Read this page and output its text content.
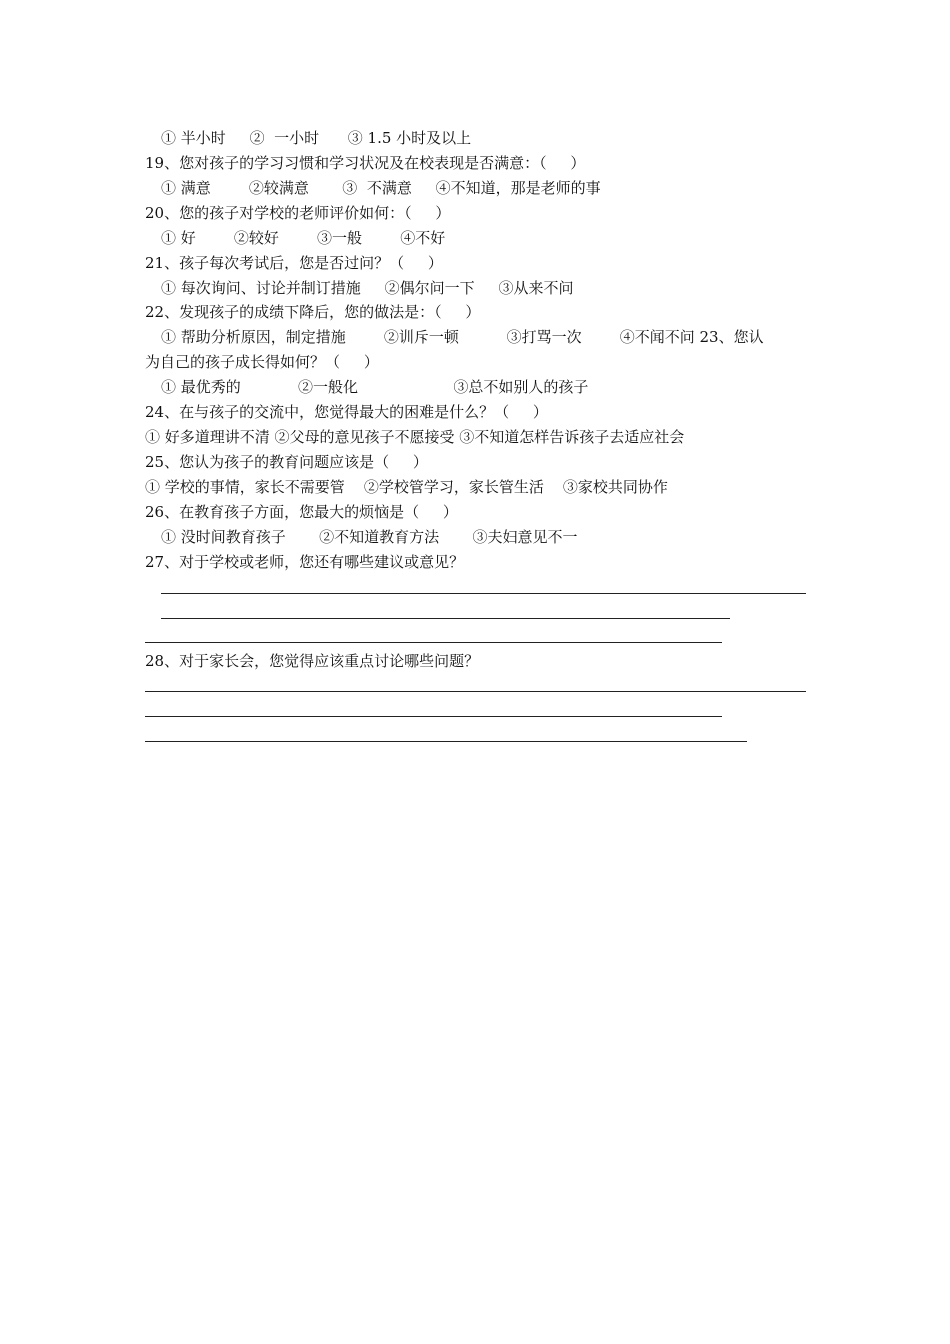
① 半小时     ②  一小时      ③ 1.5 小时及以上
19、您对孩子的学习习惯和学习状况及在校表现是否满意：（     ）
① 满意        ②较满意       ③  不满意     ④不知道，那是老师的事
20、您的孩子对学校的老师评价如何：（     ）
① 好        ②较好        ③一般        ④不好
21、孩子每次考试后，您是否过问？（     ）
① 每次询问、讨论并制订措施     ②偶尔问一下     ③从来不问
22、发现孩子的成绩下降后，您的做法是：（     ）
① 帮助分析原因，制定措施        ②训斥一顿          ③打骂一次        ④不闻不问 23、您认
为自己的孩子成长得如何？（     ）
① 最优秀的            ②一般化                    ③总不如别人的孩子
24、在与孩子的交流中，您觉得最大的困难是什么？（     ）
① 好多道理讲不清 ②父母的意见孩子不愿接受 ③不知道怎样告诉孩子去适应社会
25、您认为孩子的教育问题应该是（     ）
① 学校的事情，家长不需要管    ②学校管学习，家长管生活    ③家校共同协作
26、在教育孩子方面，您最大的烦恼是（     ）
① 没时间教育孩子       ②不知道教育方法       ③夫妇意见不一
27、对于学校或老师，您还有哪些建议或意见？
28、对于家长会，您觉得应该重点讨论哪些问题？
